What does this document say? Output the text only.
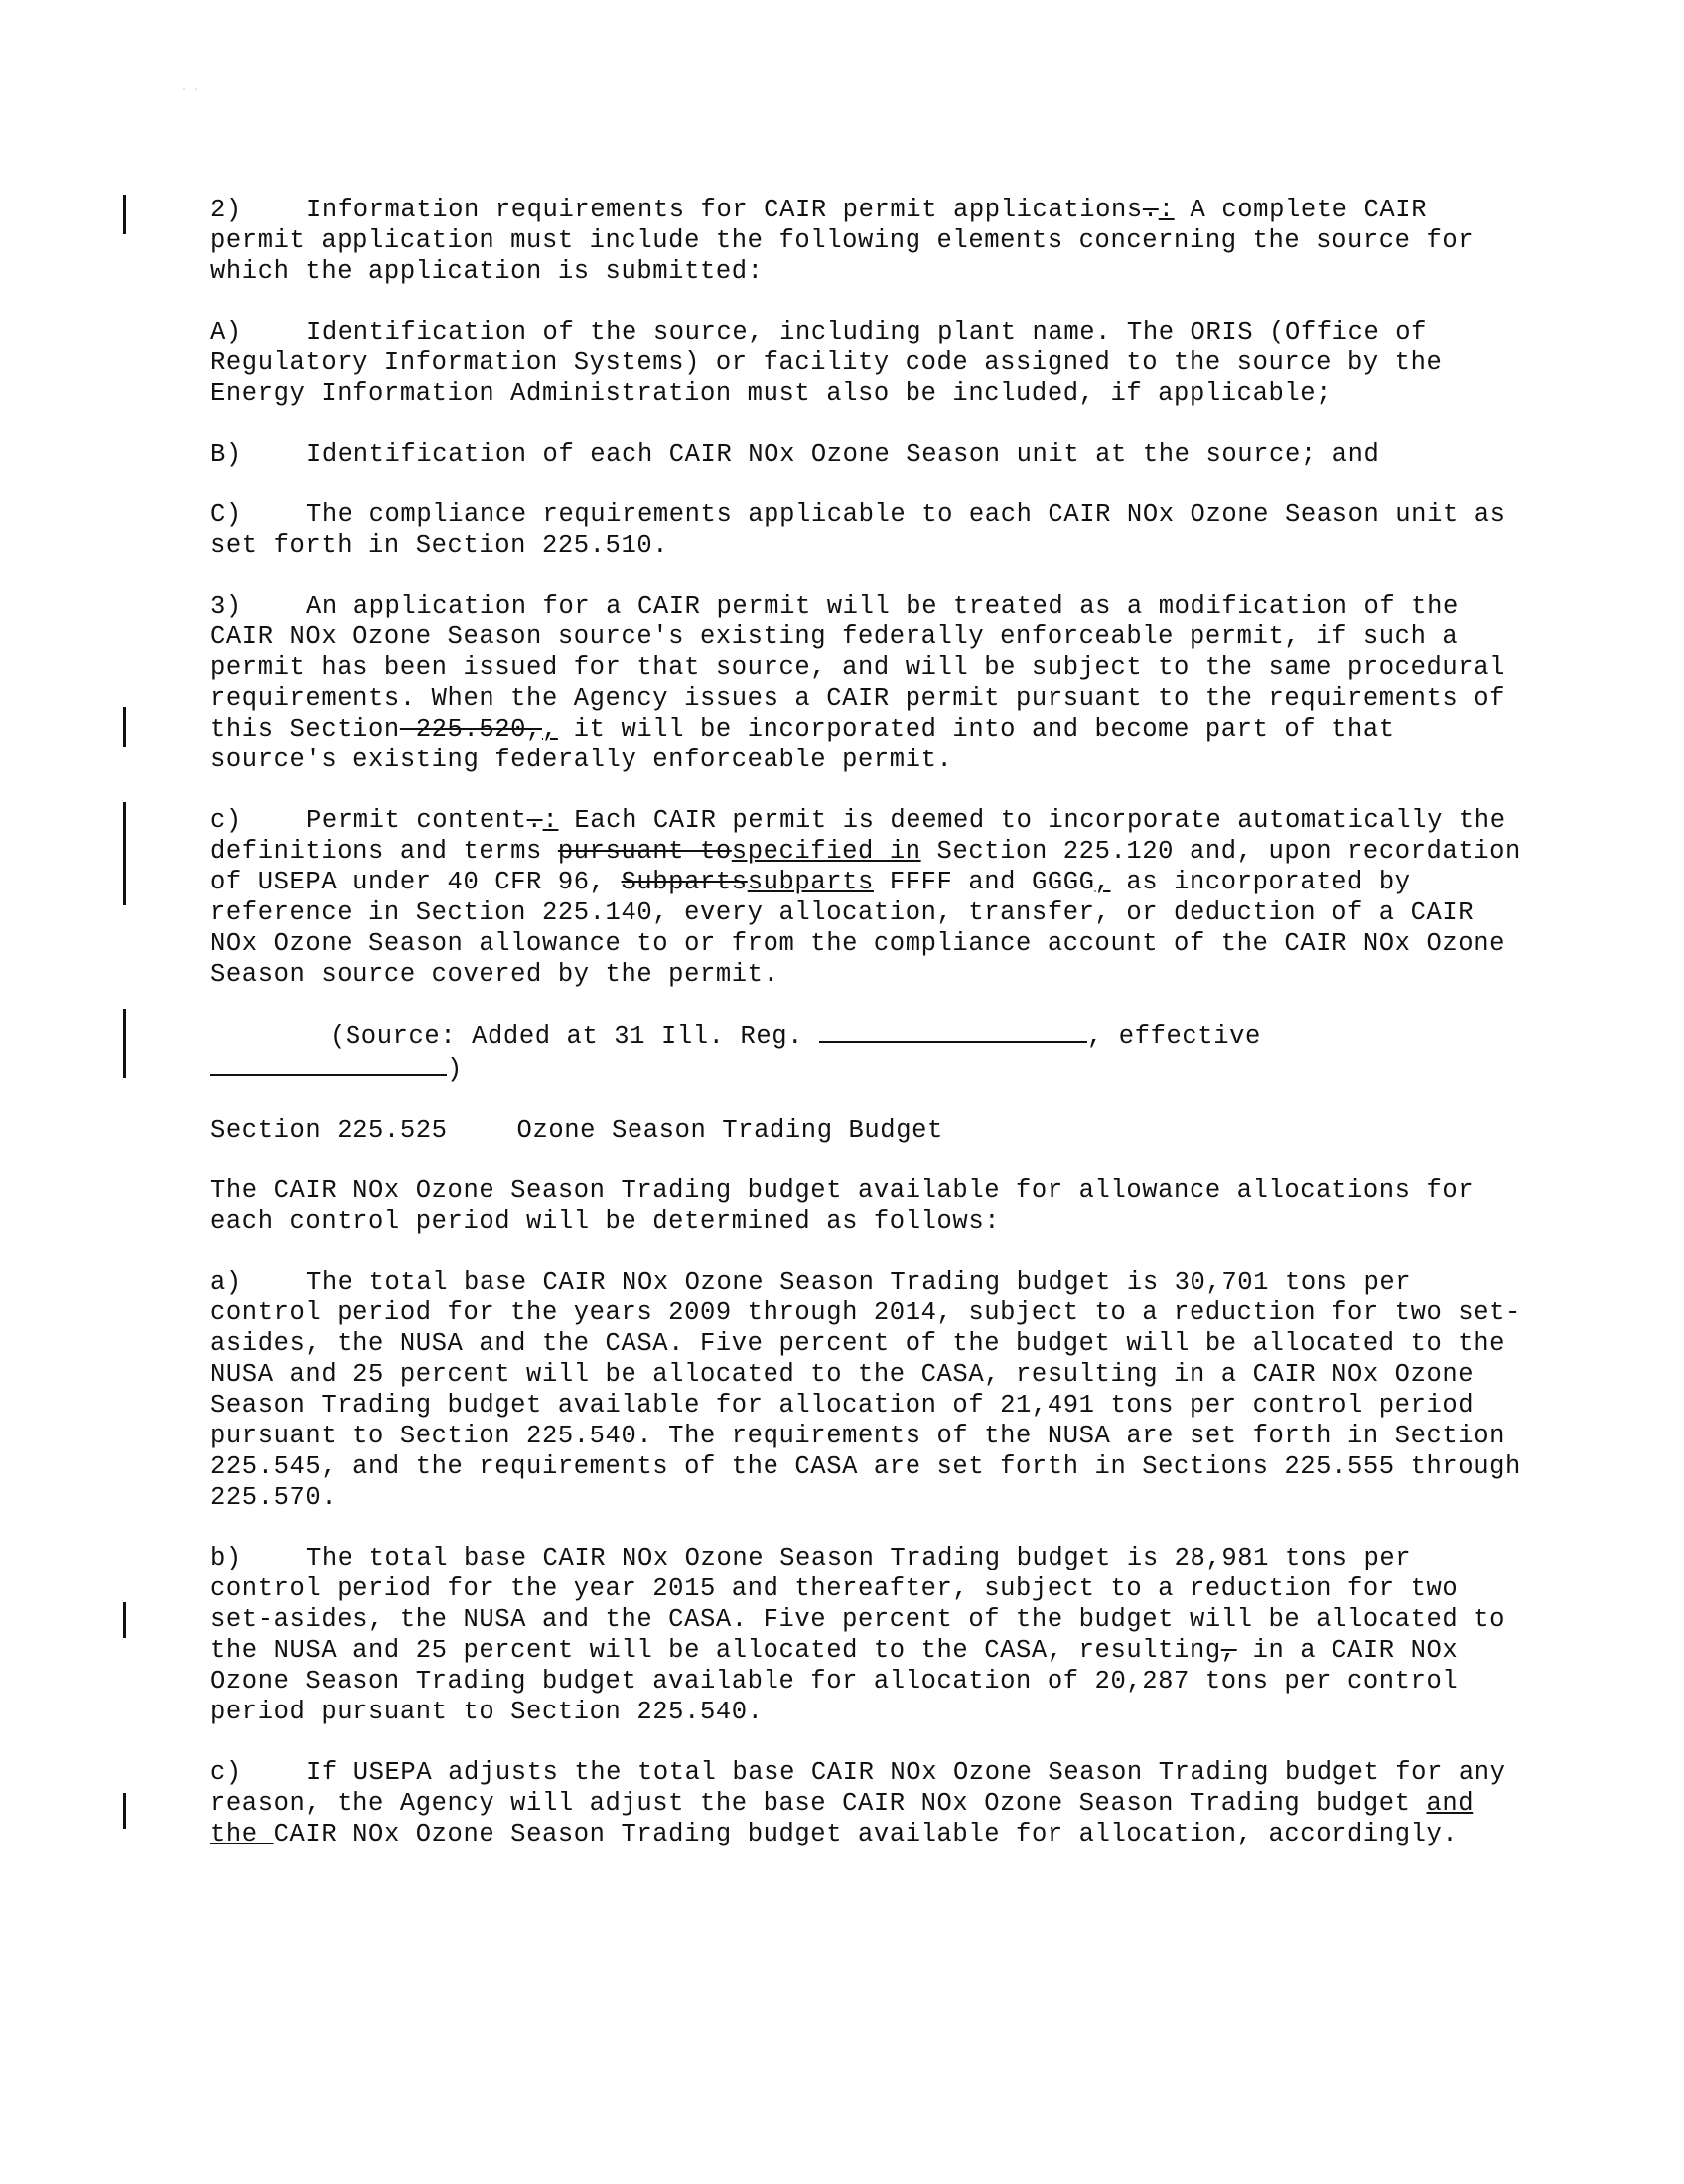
. .

2)	Information requirements for CAIR permit applications.: A complete CAIR permit application must include the following elements concerning the source for which the application is submitted:

A)	Identification of the source, including plant name. The ORIS (Office of Regulatory Information Systems) or facility code assigned to the source by the Energy Information Administration must also be included, if applicable;

B)	Identification of each CAIR NOx Ozone Season unit at the source; and

C)	The compliance requirements applicable to each CAIR NOx Ozone Season unit as set forth in Section 225.510.

3)	An application for a CAIR permit will be treated as a modification of the CAIR NOx Ozone Season source's existing federally enforceable permit, if such a permit has been issued for that source, and will be subject to the same procedural requirements. When the Agency issues a CAIR permit pursuant to the requirements of this Section 225.520,, it will be incorporated into and become part of that source's existing federally enforceable permit.

c)	Permit content.: Each CAIR permit is deemed to incorporate automatically the definitions and terms pursuant tospecified in Section 225.120 and, upon recordation of USEPA under 40 CFR 96, Subpartssubparts FFFF and GGGG, as incorporated by reference in Section 225.140, every allocation, transfer, or deduction of a CAIR NOx Ozone Season allowance to or from the compliance account of the CAIR NOx Ozone Season source covered by the permit.

(Source: Added at 31 Ill. Reg.	, effective
)

Section 225.525	Ozone Season Trading Budget

The CAIR NOx Ozone Season Trading budget available for allowance allocations for each control period will be determined as follows:

a)	The total base CAIR NOx Ozone Season Trading budget is 30,701 tons per control period for the years 2009 through 2014, subject to a reduction for two set-asides, the NUSA and the CASA. Five percent of the budget will be allocated to the NUSA and 25 percent will be allocated to the CASA, resulting in a CAIR NOx Ozone Season Trading budget available for allocation of 21,491 tons per control period pursuant to Section 225.540. The requirements of the NUSA are set forth in Section 225.545, and the requirements of the CASA are set forth in Sections 225.555 through 225.570.

b)	The total base CAIR NOx Ozone Season Trading budget is 28,981 tons per control period for the year 2015 and thereafter, subject to a reduction for two set-asides, the NUSA and the CASA. Five percent of the budget will be allocated to the NUSA and 25 percent will be allocated to the CASA, resulting, in a CAIR NOx Ozone Season Trading budget available for allocation of 20,287 tons per control period pursuant to Section 225.540.

c)	If USEPA adjusts the total base CAIR NOx Ozone Season Trading budget for any reason, the Agency will adjust the base CAIR NOx Ozone Season Trading budget and the CAIR NOx Ozone Season Trading budget available for allocation, accordingly.
